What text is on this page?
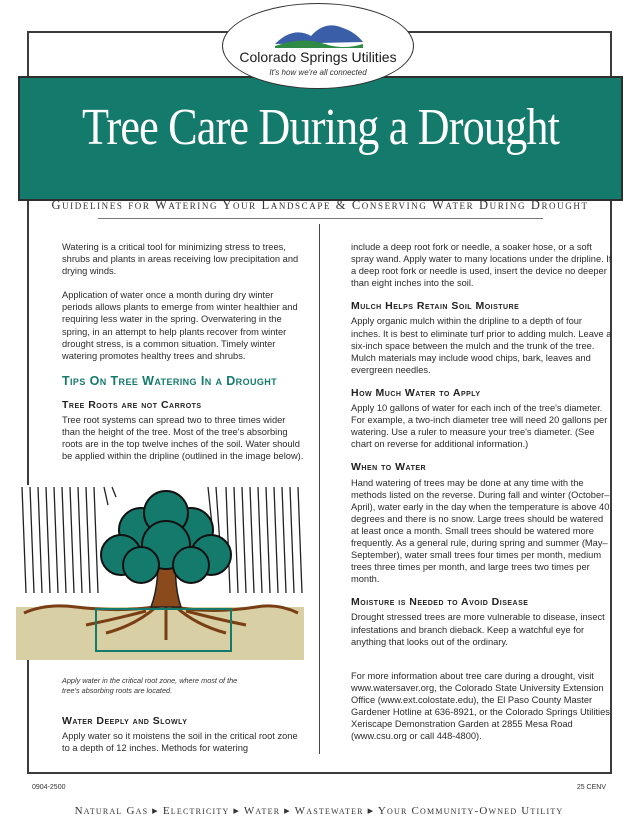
Tree Care During a Drought
Colorado Springs Utilities
It's how we're all connected
Guidelines for Watering Your Landscape & Conserving Water During Drought

Watering is a critical tool for minimizing stress to trees, shrubs and plants in areas receiving low precipitation and drying winds.

Application of water once a month during dry winter periods allows plants to emerge from winter healthier and requiring less water in the spring. Overwatering in the spring, in an attempt to help plants recover from winter drought stress, is a common situation. Timely winter watering promotes healthy trees and shrubs.

Tips On Tree Watering In a Drought
Tree Roots are not Carrots

Tree root systems can spread two to three times wider than the height of the tree. Most of the tree's absorbing roots are in the top twelve inches of the soil. Water should be applied within the dripline (outlined in the image below).

Apply water in the critical root zone, where most of the tree's absorbing roots are located.
Water Deeply and Slowly

Apply water so it moistens the soil in the critical root zone to a depth of 12 inches. Methods for watering

include a deep root fork or needle, a soaker hose, or a soft spray wand. Apply water to many locations under the dripline. If a deep root fork or needle is used, insert the device no deeper than eight inches into the soil.

Mulch Helps Retain Soil Moisture

Apply organic mulch within the dripline to a depth of four inches. It is best to eliminate turf prior to adding mulch. Leave a six-inch space between the mulch and the trunk of the tree. Mulch materials may include wood chips, bark, leaves and evergreen needles.

How Much Water to Apply

Apply 10 gallons of water for each inch of the tree's diameter. For example, a two-inch diameter tree will need 20 gallons per watering. Use a ruler to measure your tree's diameter. (See chart on reverse for additional information.)

When to Water

Hand watering of trees may be done at any time with the methods listed on the reverse. During fall and winter (October–April), water early in the day when the temperature is above 40 degrees and there is no snow. Large trees should be watered at least once a month. Small trees should be watered more frequently. As a general rule, during spring and summer (May–September), water small trees four times per month, medium trees three times per month, and large trees two times per month.

Moisture is Needed to Avoid Disease

Drought stressed trees are more vulnerable to disease, insect infestations and branch dieback. Keep a watchful eye for anything that looks out of the ordinary.

For more information about tree care during a drought, visit www.watersaver.org, the Colorado State University Extension Office (www.ext.colostate.edu), the El Paso County Master Gardener Hotline at 636-8921, or the Colorado Springs Utilities Xeriscape Demonstration Garden at 2855 Mesa Road (www.csu.org or call 448-4800).

0904-2500	25 CENV
Natural Gas ▸ Electricity ▸ Water ▸ Wastewater ▸ Your Community-Owned Utility
